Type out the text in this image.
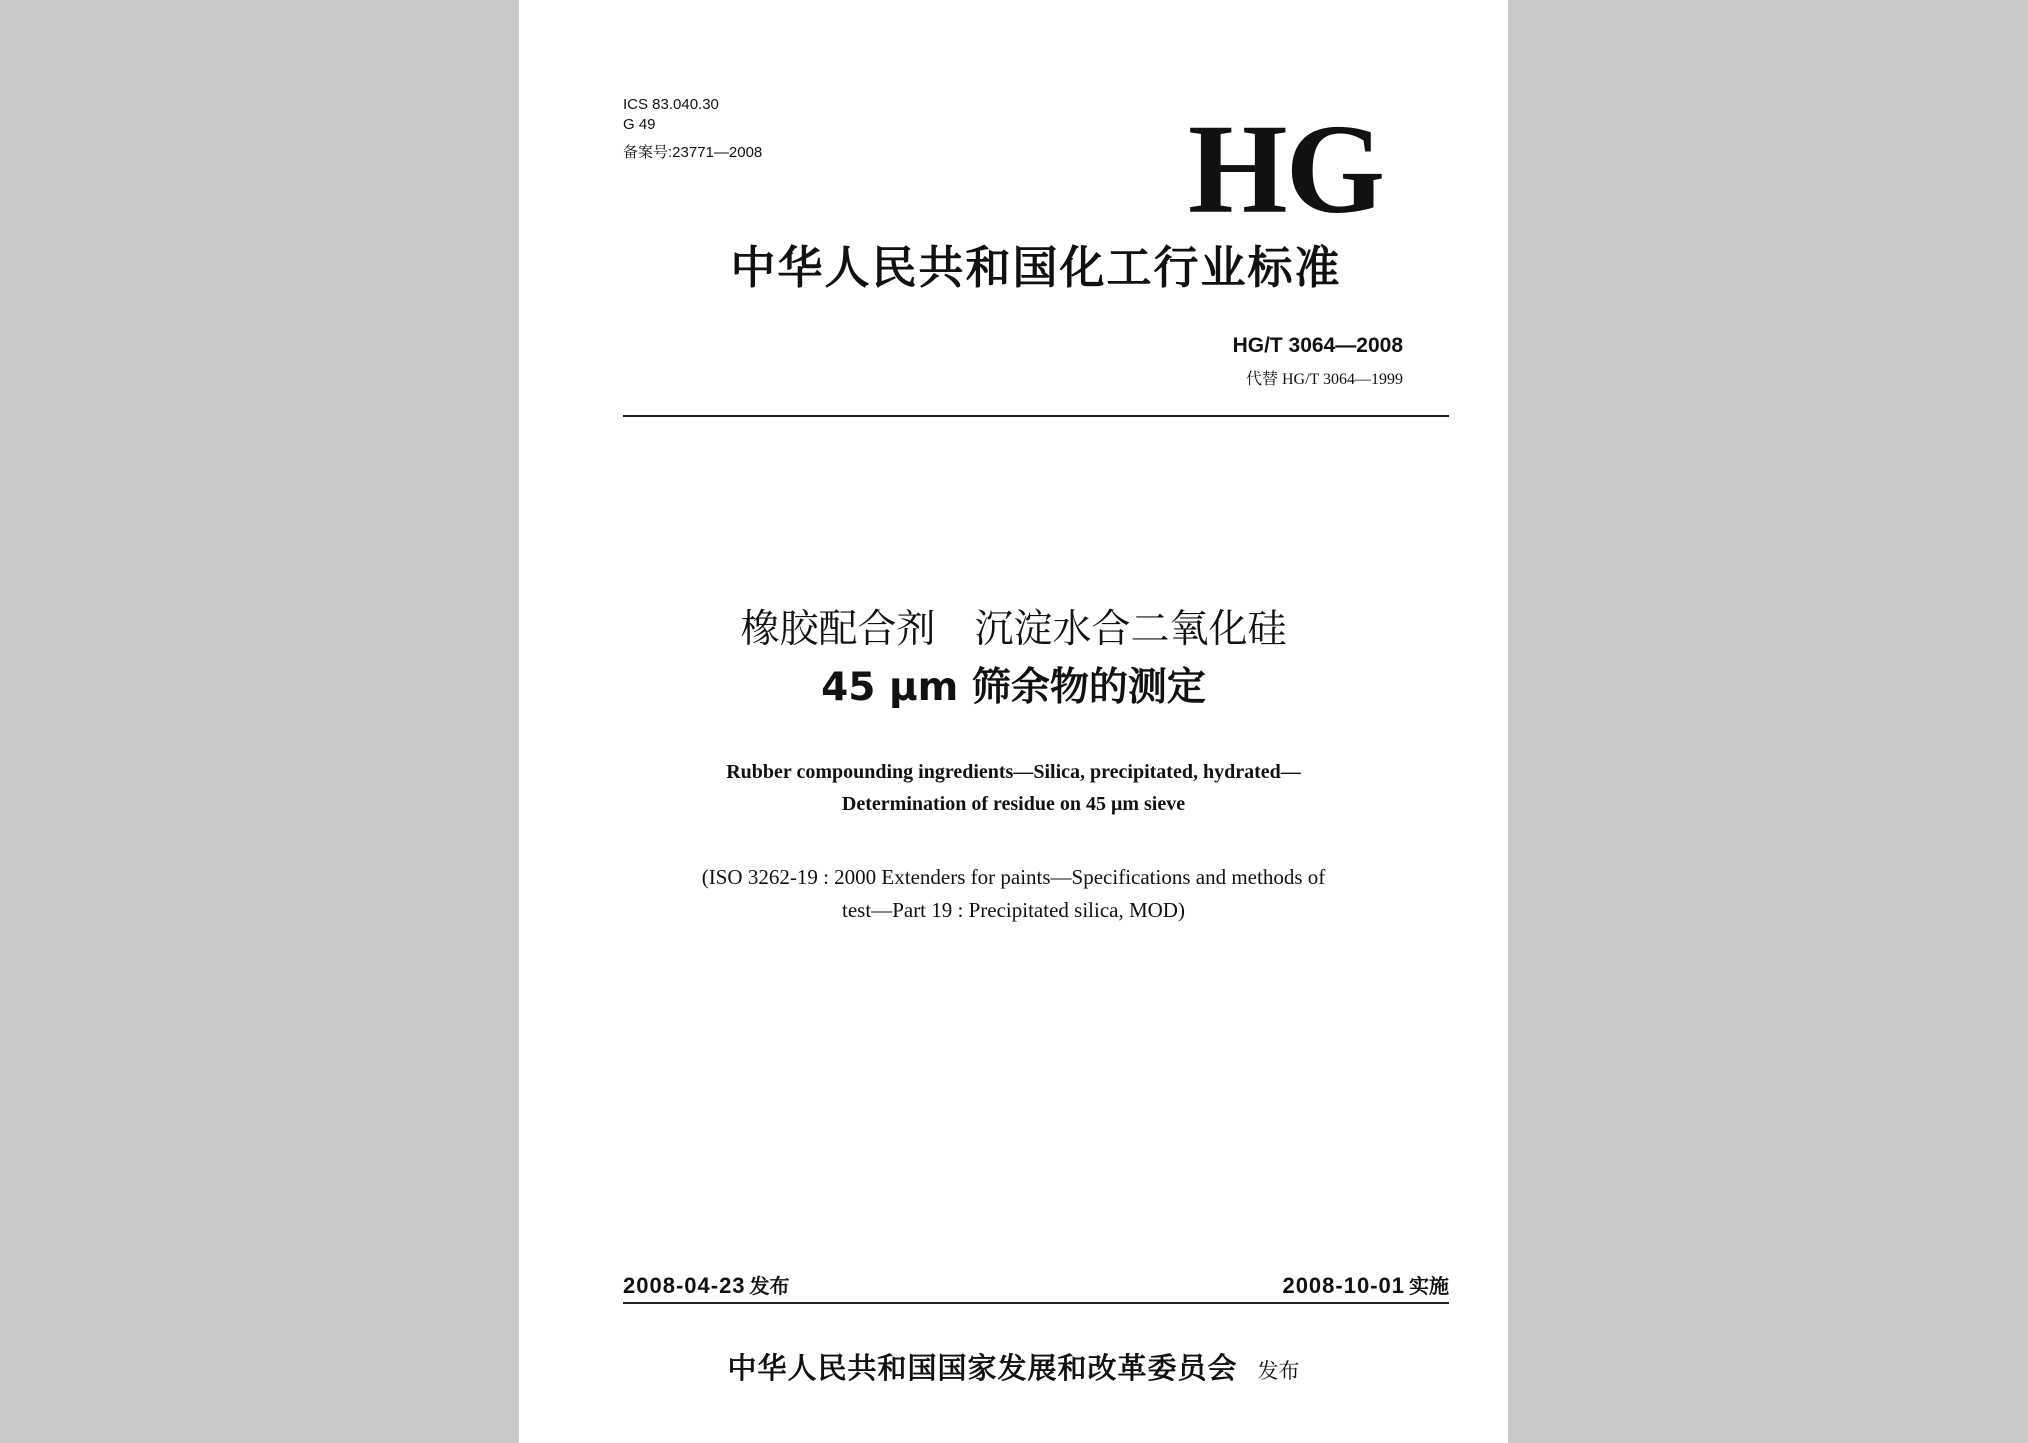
ICS 83.040.30
G 49
备案号:23771—2008	HG
中华人民共和国化工行业标准
HG/T 3064—2008
代替 HG/T 3064—1999
橡胶配合剂　沉淀水合二氧化硅
45 μm 筛余物的测定
Rubber compounding ingredients—Silica, precipitated, hydrated—
Determination of residue on 45 μm sieve
(ISO 3262-19 : 2000 Extenders for paints—Specifications and methods of
test—Part 19 : Precipitated silica, MOD)
2008-04-23 发布	2008-10-01 实施
中华人民共和国国家发展和改革委员会 发布
